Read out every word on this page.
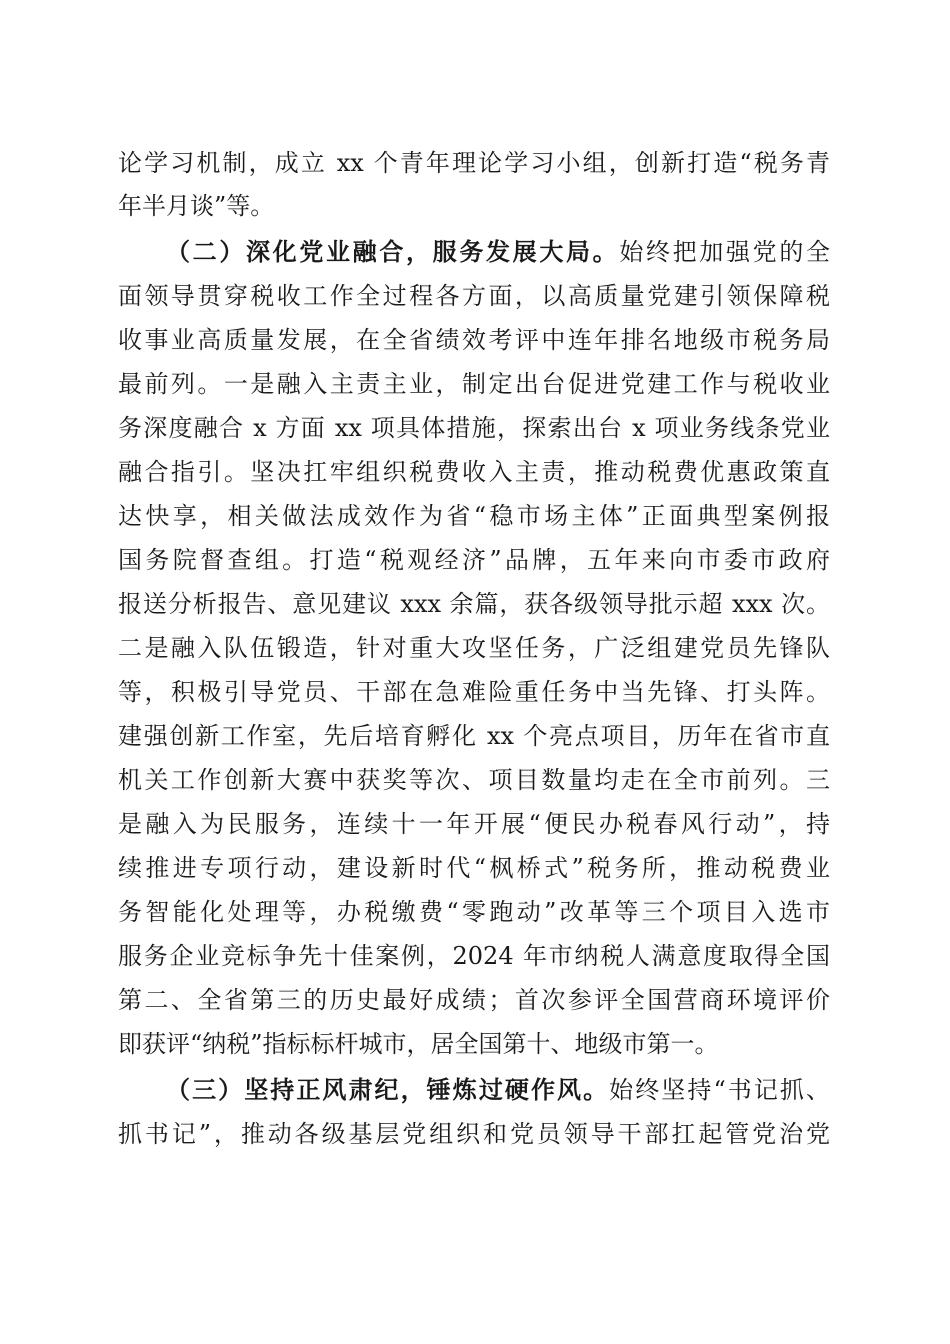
论学习机制，成立 xx 个青年理论学习小组，创新打造“税务青
年半月谈”等。
（二）深化党业融合，服务发展大局。始终把加强党的全
面领导贯穿税收工作全过程各方面，以高质量党建引领保障税
收事业高质量发展，在全省绩效考评中连年排名地级市税务局
最前列。一是融入主责主业，制定出台促进党建工作与税收业
务深度融合 x 方面 xx 项具体措施，探索出台 x 项业务线条党业
融合指引。坚决扛牢组织税费收入主责，推动税费优惠政策直
达快享，相关做法成效作为省“稳市场主体”正面典型案例报
国务院督查组。打造“税观经济”品牌，五年来向市委市政府
报送分析报告、意见建议 xxx 余篇，获各级领导批示超 xxx 次。
二是融入队伍锻造，针对重大攻坚任务，广泛组建党员先锋队
等，积极引导党员、干部在急难险重任务中当先锋、打头阵。
建强创新工作室，先后培育孵化 xx 个亮点项目，历年在省市直
机关工作创新大赛中获奖等次、项目数量均走在全市前列。三
是融入为民服务，连续十一年开展“便民办税春风行动”，持
续推进专项行动，建设新时代“枫桥式”税务所，推动税费业
务智能化处理等，办税缴费“零跑动”改革等三个项目入选市
服务企业竞标争先十佳案例，2024 年市纳税人满意度取得全国
第二、全省第三的历史最好成绩；首次参评全国营商环境评价
即获评“纳税”指标标杆城市，居全国第十、地级市第一。
（三）坚持正风肃纪，锤炼过硬作风。始终坚持“书记抓、
抓书记”，推动各级基层党组织和党员领导干部扛起管党治党
